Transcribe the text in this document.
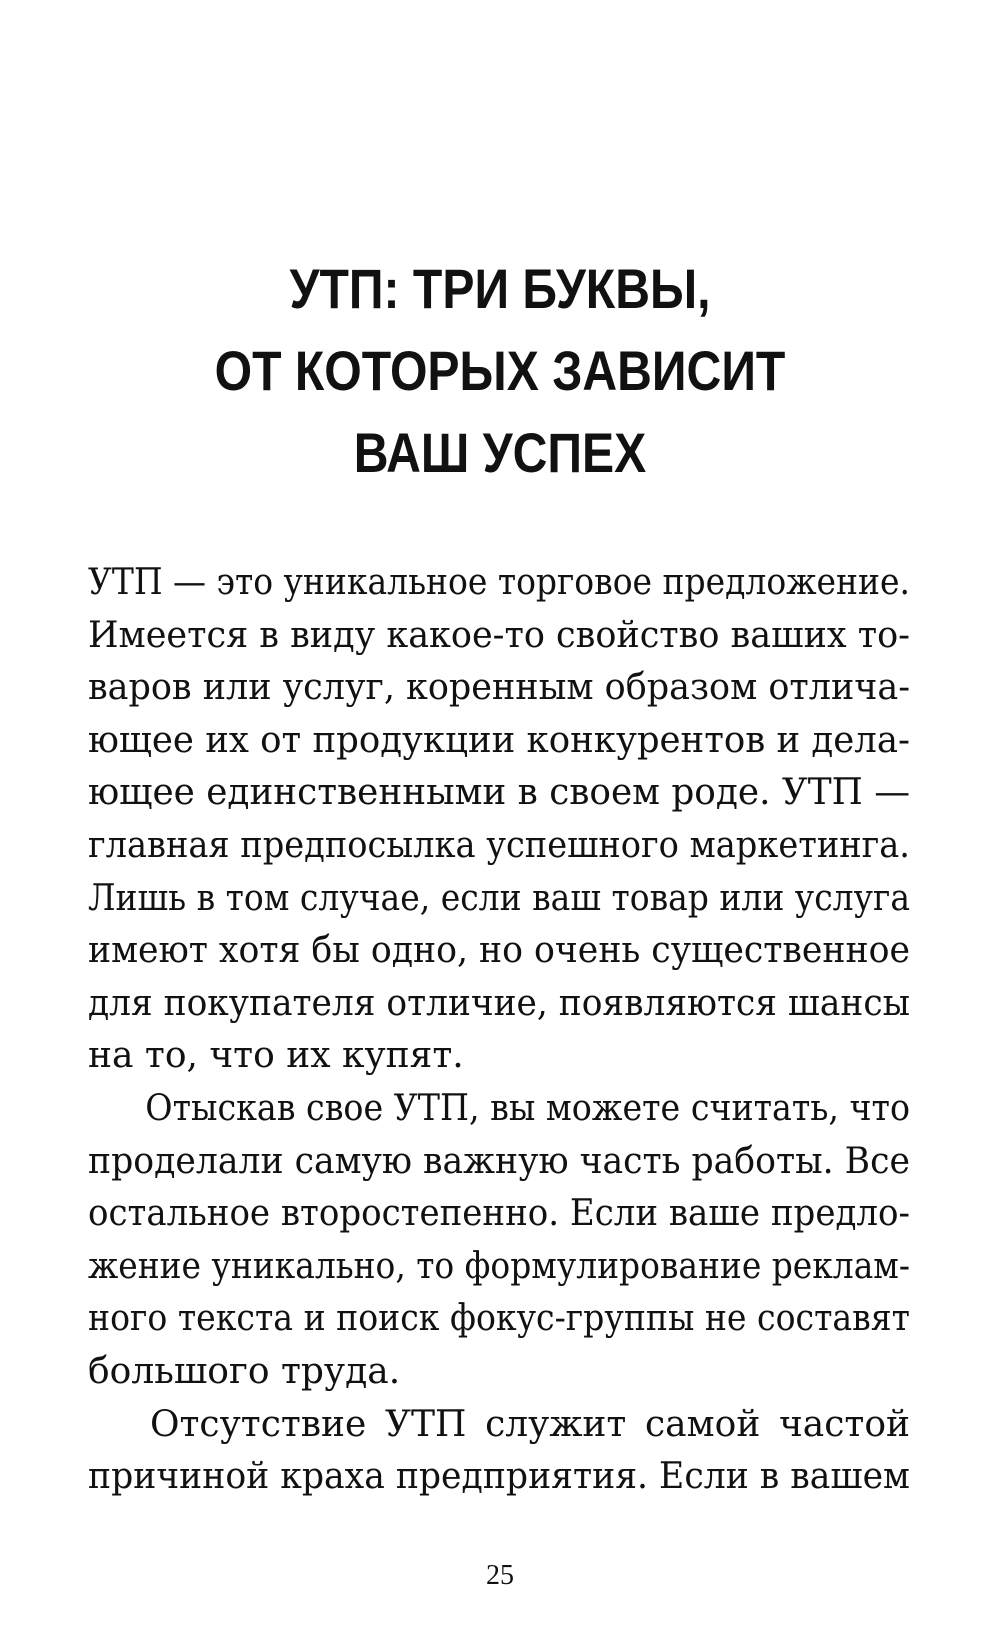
УТП: ТРИ БУКВЫ,
ОТ КОТОРЫХ ЗАВИСИТ
ВАШ УСПЕХ

УТП — это уникальное торговое предложение.
Имеется в виду какое-то свойство ваших то-
варов или услуг, коренным образом отлича-
ющее их от продукции конкурентов и дела-
ющее единственными в своем роде. УТП —
главная предпосылка успешного маркетинга.
Лишь в том случае, если ваш товар или услуга
имеют хотя бы одно, но очень существенное
для покупателя отличие, появляются шансы
на то, что их купят.

Отыскав свое УТП, вы можете считать, что
проделали самую важную часть работы. Все
остальное второстепенно. Если ваше предло-
жение уникально, то формулирование реклам-
ного текста и поиск фокус-группы не составят
большого труда.

Отсутствие УТП служит самой частой
причиной краха предприятия. Если в вашем

25
